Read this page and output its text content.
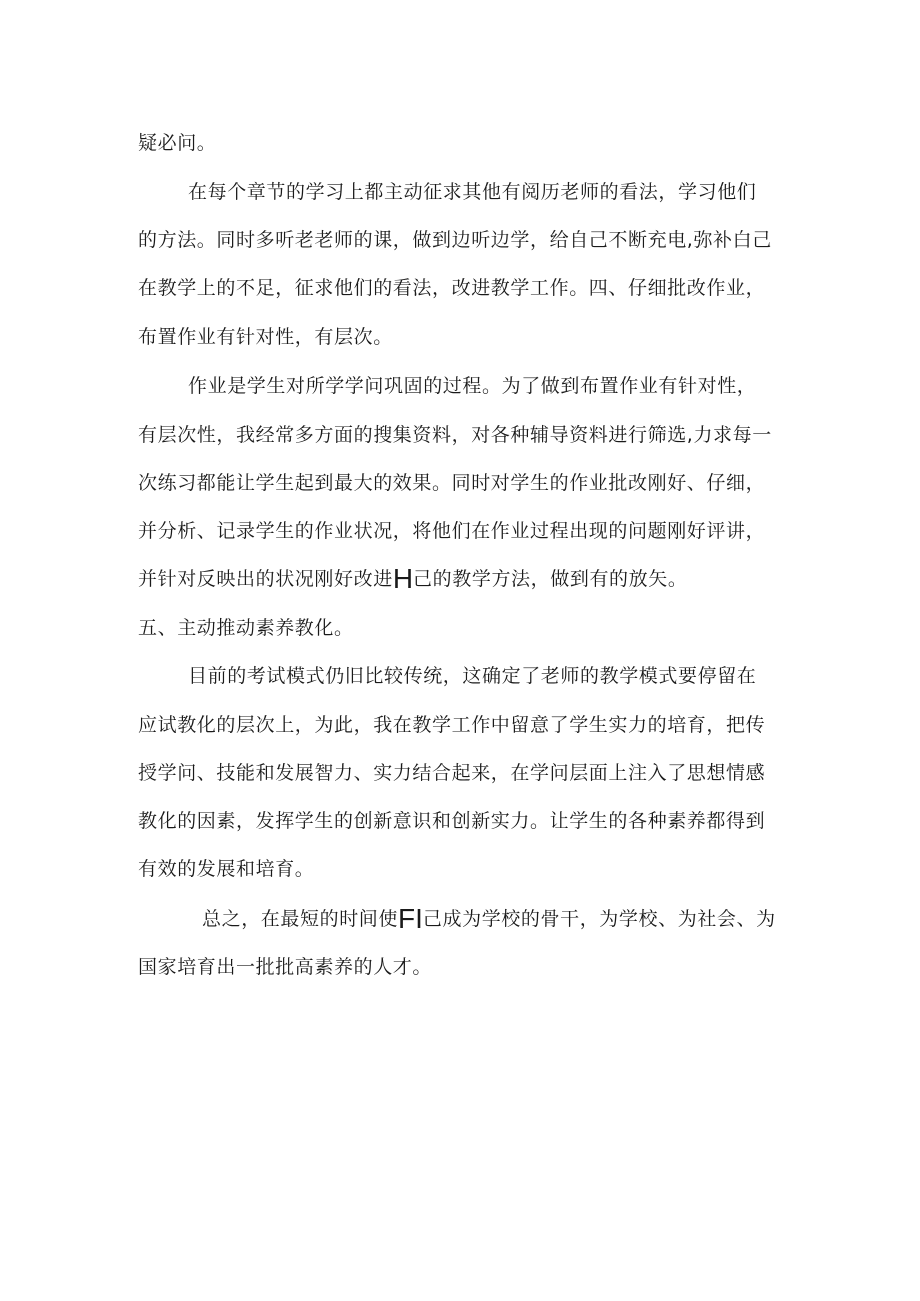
疑必问。
在每个章节的学习上都主动征求其他有阅历老师的看法，学习他们
的方法。同时多听老老师的课，做到边听边学，给自己不断充电,弥补白己
在教学上的不足，征求他们的看法，改进教学工作。四、仔细批改作业，
布置作业有针对性，有层次。
作业是学生对所学学问巩固的过程。为了做到布置作业有针对性，
有层次性，我经常多方面的搜集资料，对各种辅导资料进行筛选,力求每一
次练习都能让学生起到最大的效果。同时对学生的作业批改刚好、仔细，
并分析、记录学生的作业状况，将他们在作业过程出现的问题刚好评讲，
并针对反映出的状况刚好改进H己的教学方法，做到有的放矢。
五、主动推动素养教化。
目前的考试模式仍旧比较传统，这确定了老师的教学模式要停留在
应试教化的层次上，为此，我在教学工作中留意了学生实力的培育，把传
授学问、技能和发展智力、实力结合起来，在学问层面上注入了思想情感
教化的因素，发挥学生的创新意识和创新实力。让学生的各种素养都得到
有效的发展和培育。
总之，在最短的时间使FI己成为学校的骨干，为学校、为社会、为
国家培育出一批批高素养的人才。
